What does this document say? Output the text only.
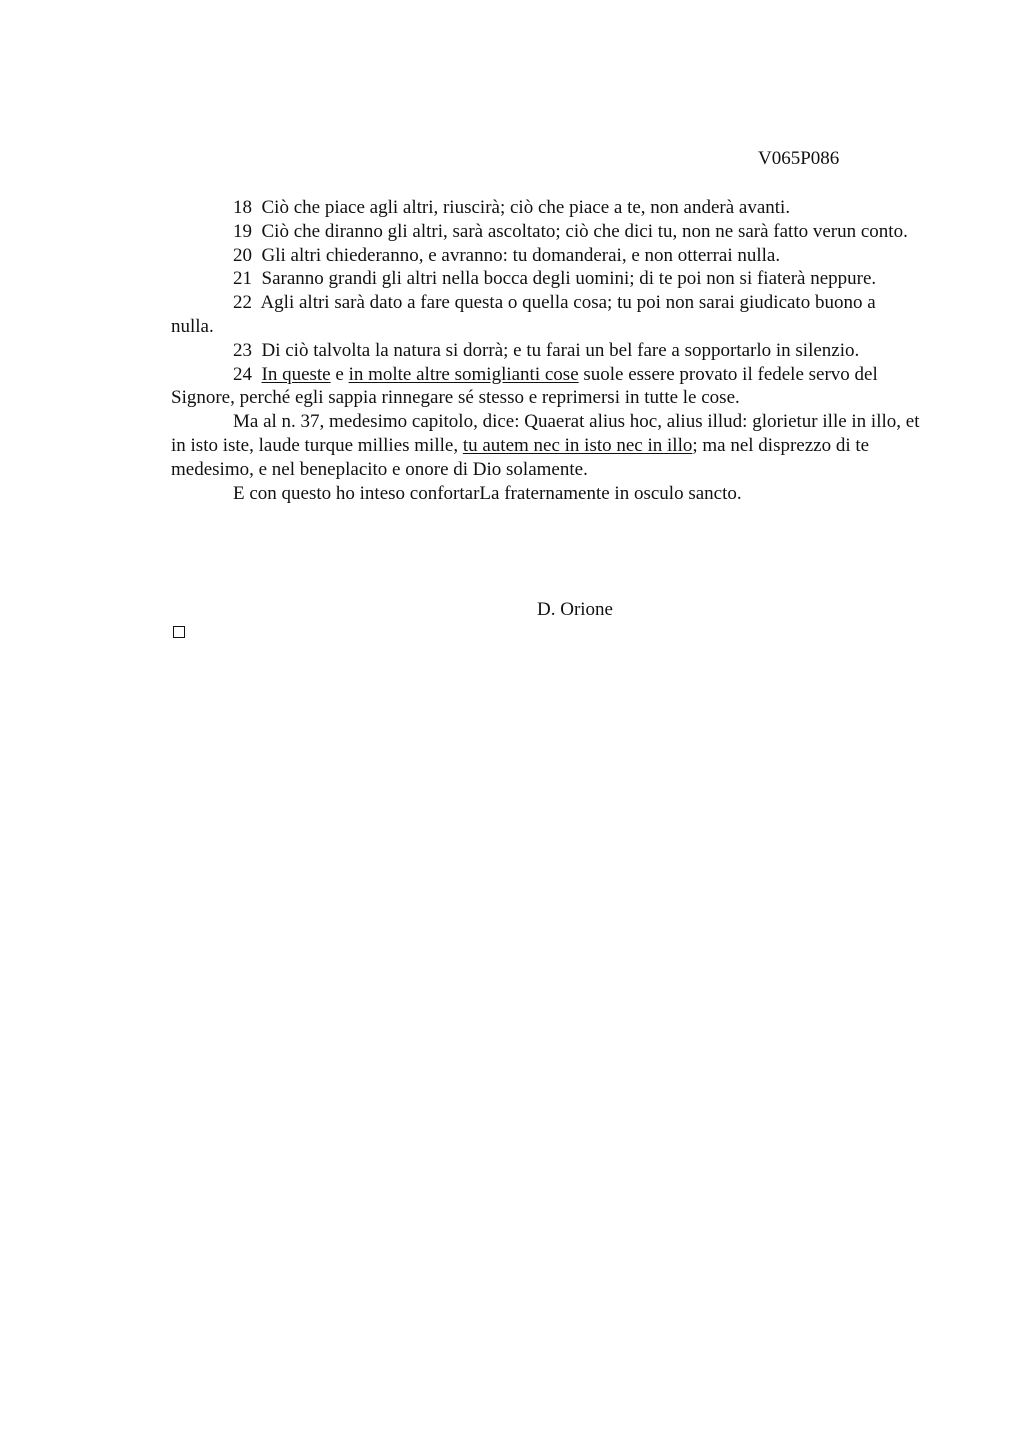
V065P086

18 Ciò che piace agli altri, riuscirà; ciò che piace a te, non anderà avanti.

19 Ciò che diranno gli altri, sarà ascoltato; ciò che dici tu, non ne sarà fatto verun conto.

20 Gli altri chiederanno, e avranno: tu domanderai, e non otterrai nulla.

21 Saranno grandi gli altri nella bocca degli uomini; di te poi non si fiaterà neppure.

22 Agli altri sarà dato a fare questa o quella cosa; tu poi non sarai giudicato buono a nulla.

23 Di ciò talvolta la natura si dorrà; e tu farai un bel fare a sopportarlo in silenzio.

24 In queste e in molte altre somiglianti cose suole essere provato il fedele servo del Signore, perché egli sappia rinnegare sé stesso e reprimersi in tutte le cose.

Ma al n. 37, medesimo capitolo, dice: Quaerat alius hoc, alius illud: glorietur ille in illo, et in isto iste, laude turque millies mille, tu autem nec in isto nec in illo; ma nel disprezzo di te medesimo, e nel beneplacito e onore di Dio solamente.

E con questo ho inteso confortarLa fraternamente in osculo sancto.

D. Orione
